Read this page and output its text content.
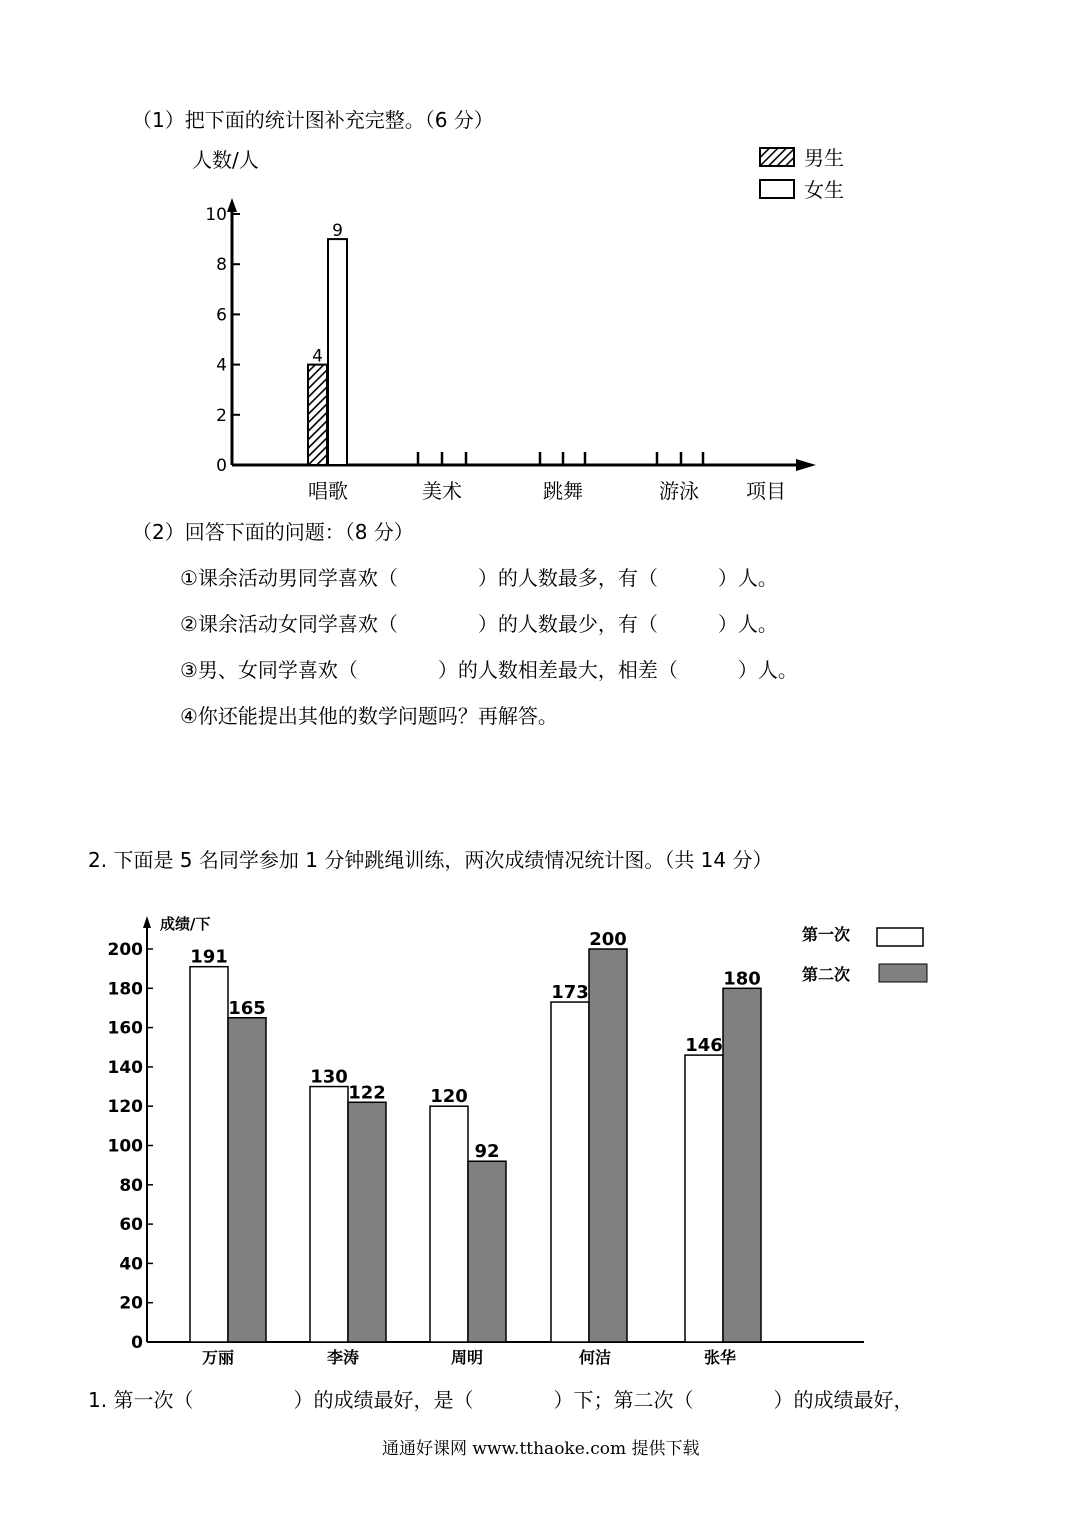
（1）把下面的统计图补充完整。（6 分）
人数/人	男生
女生
项目
0
2
4
6
8
10
唱歌	美术	跳舞	游泳
4
9
（2）回答下面的问题：（8 分）
①课余活动男同学喜欢（　　　　）的人数最多，有（　　　）人。
②课余活动女同学喜欢（　　　　）的人数最少，有（　　　）人。
③男、女同学喜欢（　　　　）的人数相差最大，相差（　　　）人。
④你还能提出其他的数学问题吗？再解答。
2. 下面是 5 名同学参加 1 分钟跳绳训练，两次成绩情况统计图。（共 14 分）
成绩/下
第一次
第二次
0
20
40
60
80
100
120
140
160
180
200
万丽	李涛	周明	何洁	张华
191
130
120
173
146
165
122
92
200
180
1. 第一次（　　　　　）的成绩最好，是（　　　　）下；第二次（　　　　）的成绩最好，
通通好课网 www.tthaoke.com 提供下载
